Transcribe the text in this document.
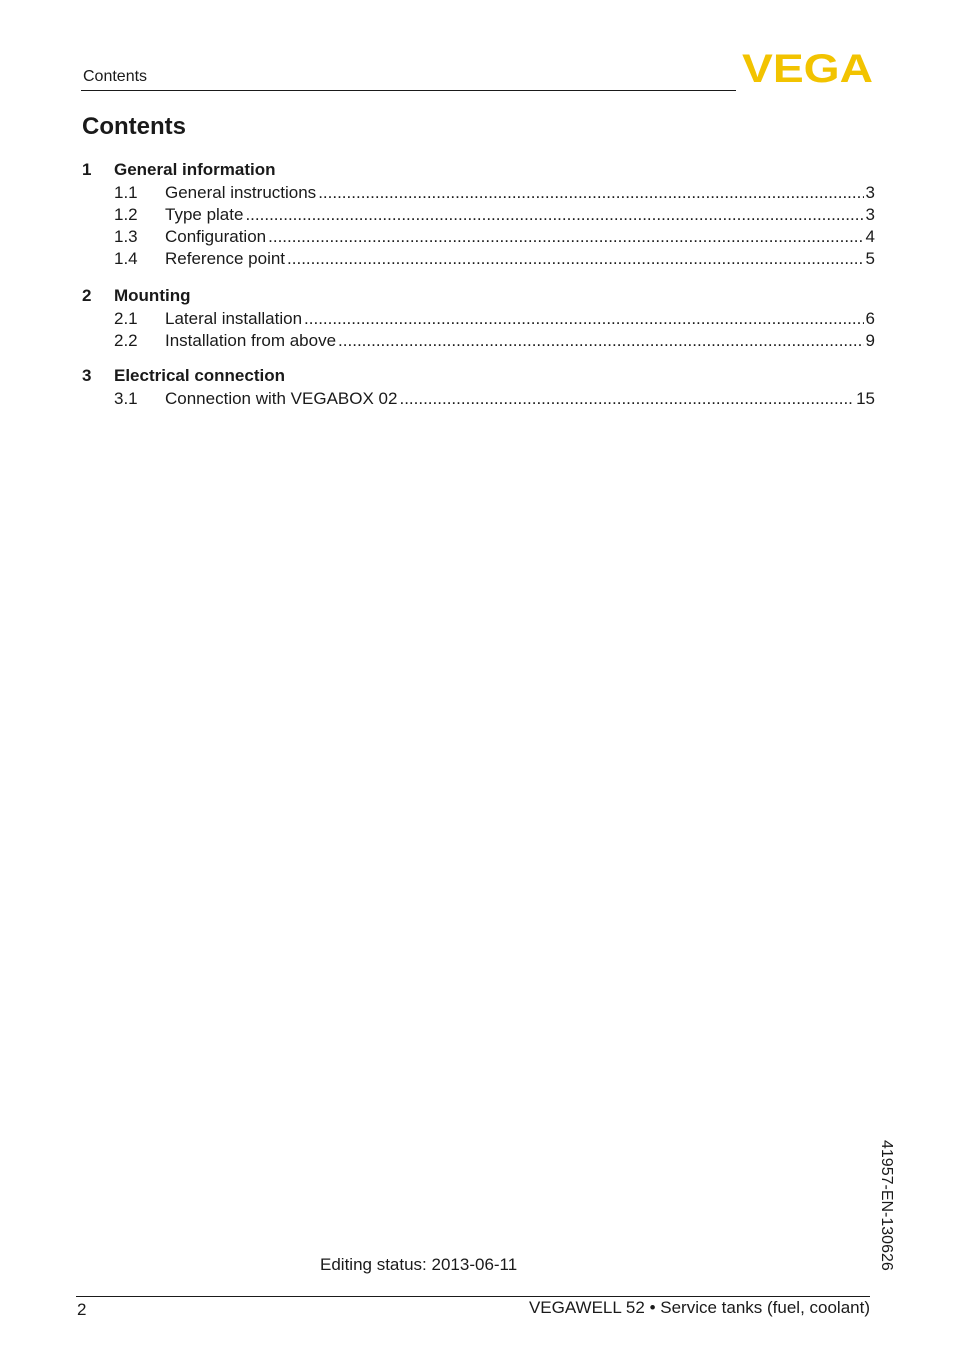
Contents	VEGA
Contents
1	General information
1.1	General instructions .....	3
1.2	Type plate .....	3
1.3	Configuration .....	4
1.4	Reference point .....	5
2	Mounting
2.1	Lateral installation .....	6
2.2	Installation from above .....	9
3	Electrical connection
3.1	Connection with VEGABOX 02 .....	15
Editing status: 2013-06-11	41957-EN-130626
2	VEGAWELL 52 • Service tanks (fuel, coolant)
